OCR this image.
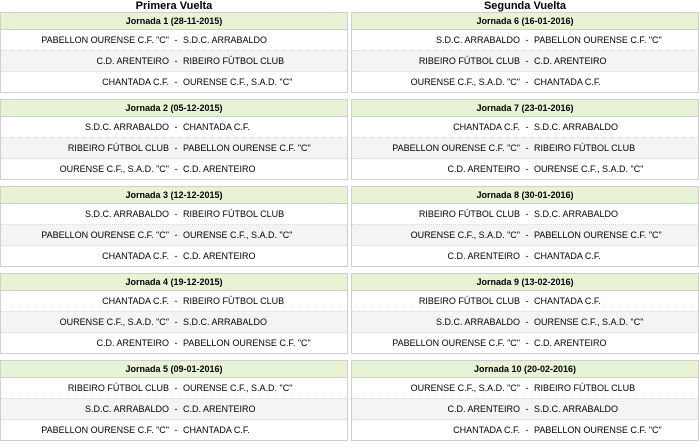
Primera Vuelta
Jornada 1 (28-11-2015)
PABELLON OURENSE C.F. "C" - S.D.C. ARRABALDO
C.D. ARENTEIRO - RIBEIRO FÚTBOL CLUB
CHANTADA C.F. - OURENSE C.F., S.A.D. "C"
Jornada 2 (05-12-2015)
S.D.C. ARRABALDO - CHANTADA C.F.
RIBEIRO FÚTBOL CLUB - PABELLON OURENSE C.F. "C"
OURENSE C.F., S.A.D. "C" - C.D. ARENTEIRO
Jornada 3 (12-12-2015)
S.D.C. ARRABALDO - RIBEIRO FÚTBOL CLUB
PABELLON OURENSE C.F. "C" - OURENSE C.F., S.A.D. "C"
CHANTADA C.F. - C.D. ARENTEIRO
Jornada 4 (19-12-2015)
CHANTADA C.F. - RIBEIRO FÚTBOL CLUB
OURENSE C.F., S.A.D. "C" - S.D.C. ARRABALDO
C.D. ARENTEIRO - PABELLON OURENSE C.F. "C"
Jornada 5 (09-01-2016)
RIBEIRO FÚTBOL CLUB - OURENSE C.F., S.A.D. "C"
S.D.C. ARRABALDO - C.D. ARENTEIRO
PABELLON OURENSE C.F. "C" - CHANTADA C.F.
Segunda Vuelta
Jornada 6 (16-01-2016)
S.D.C. ARRABALDO - PABELLON OURENSE C.F. "C"
RIBEIRO FÚTBOL CLUB - C.D. ARENTEIRO
OURENSE C.F., S.A.D. "C" - CHANTADA C.F.
Jornada 7 (23-01-2016)
CHANTADA C.F. - S.D.C. ARRABALDO
PABELLON OURENSE C.F. "C" - RIBEIRO FÚTBOL CLUB
C.D. ARENTEIRO - OURENSE C.F., S.A.D. "C"
Jornada 8 (30-01-2016)
RIBEIRO FÚTBOL CLUB - S.D.C. ARRABALDO
OURENSE C.F., S.A.D. "C" - PABELLON OURENSE C.F. "C"
C.D. ARENTEIRO - CHANTADA C.F.
Jornada 9 (13-02-2016)
RIBEIRO FÚTBOL CLUB - CHANTADA C.F.
S.D.C. ARRABALDO - OURENSE C.F., S.A.D. "C"
PABELLON OURENSE C.F. "C" - C.D. ARENTEIRO
Jornada 10 (20-02-2016)
OURENSE C.F., S.A.D. "C" - RIBEIRO FÚTBOL CLUB
C.D. ARENTEIRO - S.D.C. ARRABALDO
CHANTADA C.F. - PABELLON OURENSE C.F. "C"
